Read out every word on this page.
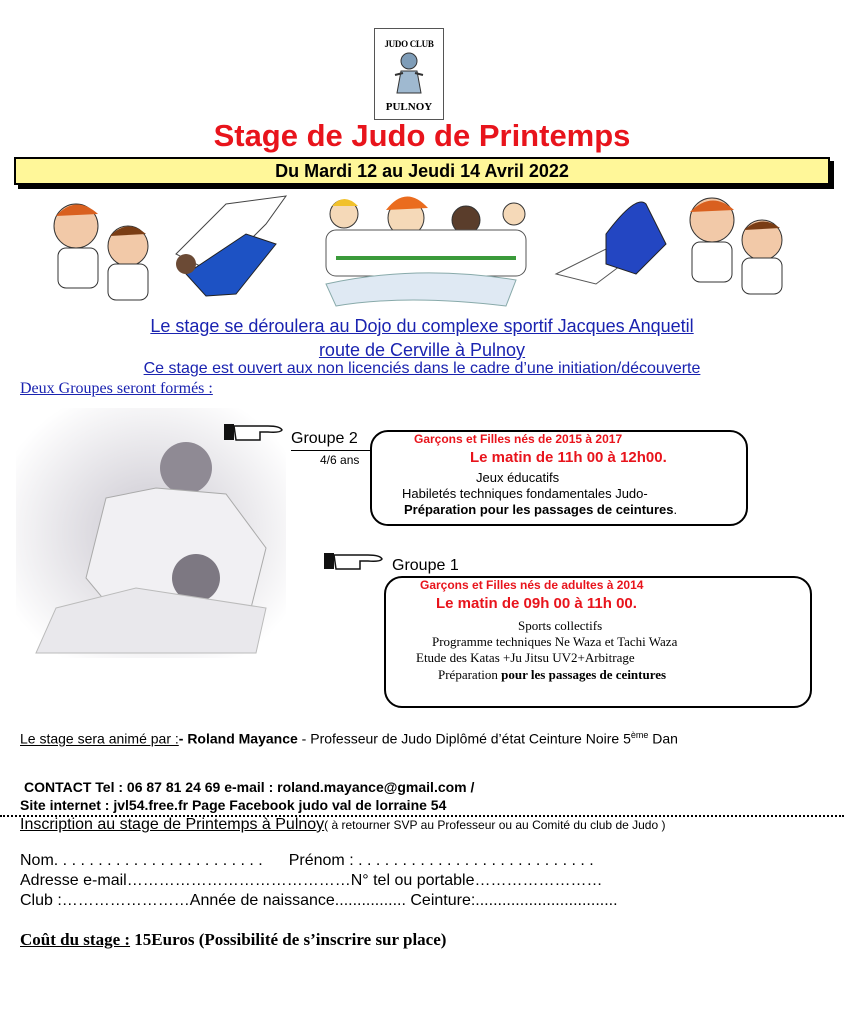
JUDO CLUB
PULNOY
Stage de Judo de Printemps
Du Mardi 12 au Jeudi 14 Avril 2022
Le stage se déroulera au Dojo du complexe sportif Jacques Anquetil
route de Cerville à Pulnoy
Ce stage est ouvert aux non licenciés dans le cadre d’une initiation/découverte
Deux Groupes seront formés :
Groupe 2
4/6 ans
Garçons et Filles nés de 2015 à 2017
Le matin de 11h 00 à 12h00.
Jeux éducatifs
Habiletés techniques fondamentales Judo-
Préparation pour les passages de ceintures.
Groupe 1
Garçons et Filles nés de adultes à 2014
Le matin de 09h 00 à 11h 00.
Sports collectifs
Programme techniques Ne Waza et Tachi Waza
Etude des Katas +Ju Jitsu UV2+Arbitrage
Préparation pour les passages de ceintures
Le stage sera animé par :- Roland Mayance - Professeur de Judo Diplômé d’état Ceinture Noire 5ème Dan
CONTACT Tel : 06 87 81 24 69 e-mail : roland.mayance@gmail.com /
Site internet : jvl54.free.fr Page Facebook judo val de lorraine 54
Inscription au stage de Printemps à Pulnoy( à retourner SVP au Professeur ou au Comité du club de Judo )
Nom. . . . . . . . . . . . . . . . . . . . . . . . Prénom : . . . . . . . . . . . . . . . . . . . . . . . . . . .
Adresse e-mail……………………………………N° tel ou portable……………………
Club :……………………Année de naissance................ Ceinture:................................
Coût du stage : 15Euros (Possibilité de s’inscrire sur place)
